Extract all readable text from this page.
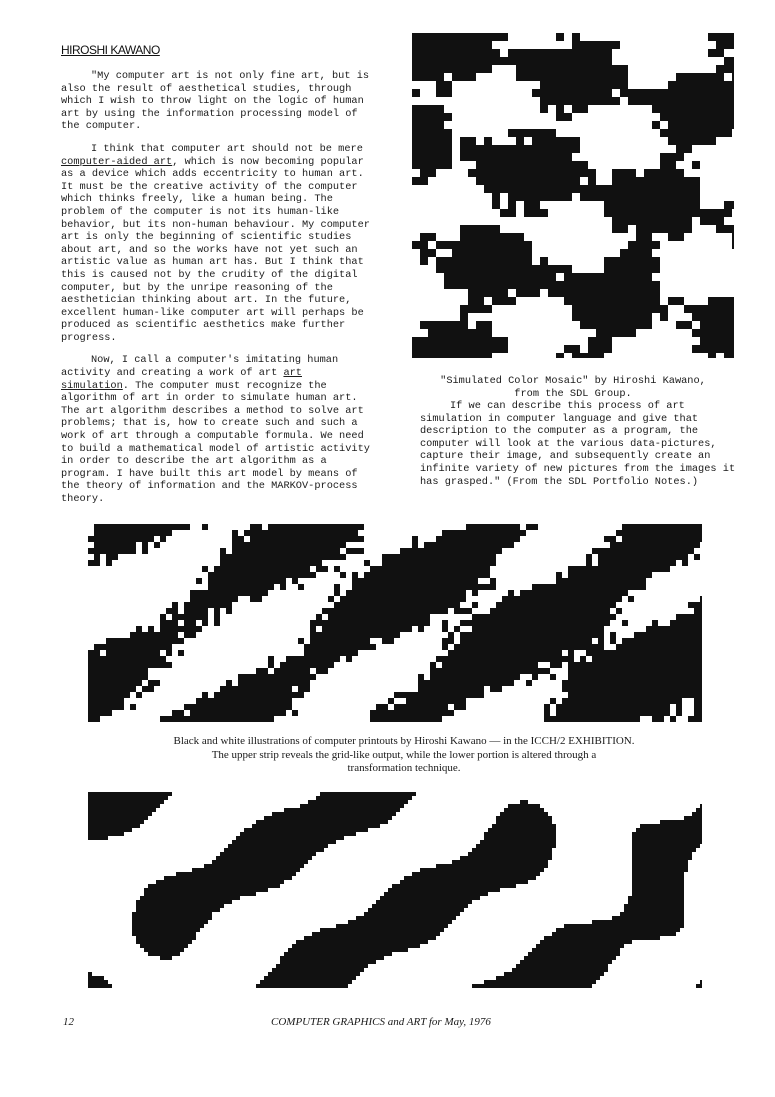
HIROSHI KAWANO

"My computer art is not only fine art, but is also the result of aesthetical studies, through which I wish to throw light on the logic of human art by using the information processing model of the computer.

I think that computer art should not be mere computer-aided art, which is now becoming popular as a device which adds eccentricity to human art. It must be the creative activity of the computer which thinks freely, like a human being. The problem of the computer is not its human-like behavior, but its non-human behaviour. My computer art is only the beginning of scientific studies about art, and so the works have not yet such an artistic value as human art has. But I think that this is caused not by the crudity of the digital computer, but by the unripe reasoning of the aesthetician thinking about art. In the future, excellent human-like computer art will perhaps be produced as scientific aesthetics make further progress.

Now, I call a computer's imitating human activity and creating a work of art art simulation. The computer must recognize the algorithm of art in order to simulate human art. The art algorithm describes a method to solve art problems; that is, how to create such and such a work of art through a computable formula. We need to build a mathematical model of artistic activity in order to describe the art algorithm as a program. I have built this art model by means of the theory of information and the MARKOV-process theory.

"Simulated Color Mosaic" by Hiroshi Kawano,
from the SDL Group.

If we can describe this process of art simulation in computer language and give that description to the computer as a program, the computer will look at the various data-pictures, capture their image, and subsequently create an infinite variety of new pictures from the images it has grasped." (From the SDL Portfolio Notes.)

Black and white illustrations of computer printouts by Hiroshi Kawano — in the ICCH/2 EXHIBITION.
The upper strip reveals the grid-like output, while the lower portion is altered through a
transformation technique.
12	COMPUTER GRAPHICS and ART for May, 1976
